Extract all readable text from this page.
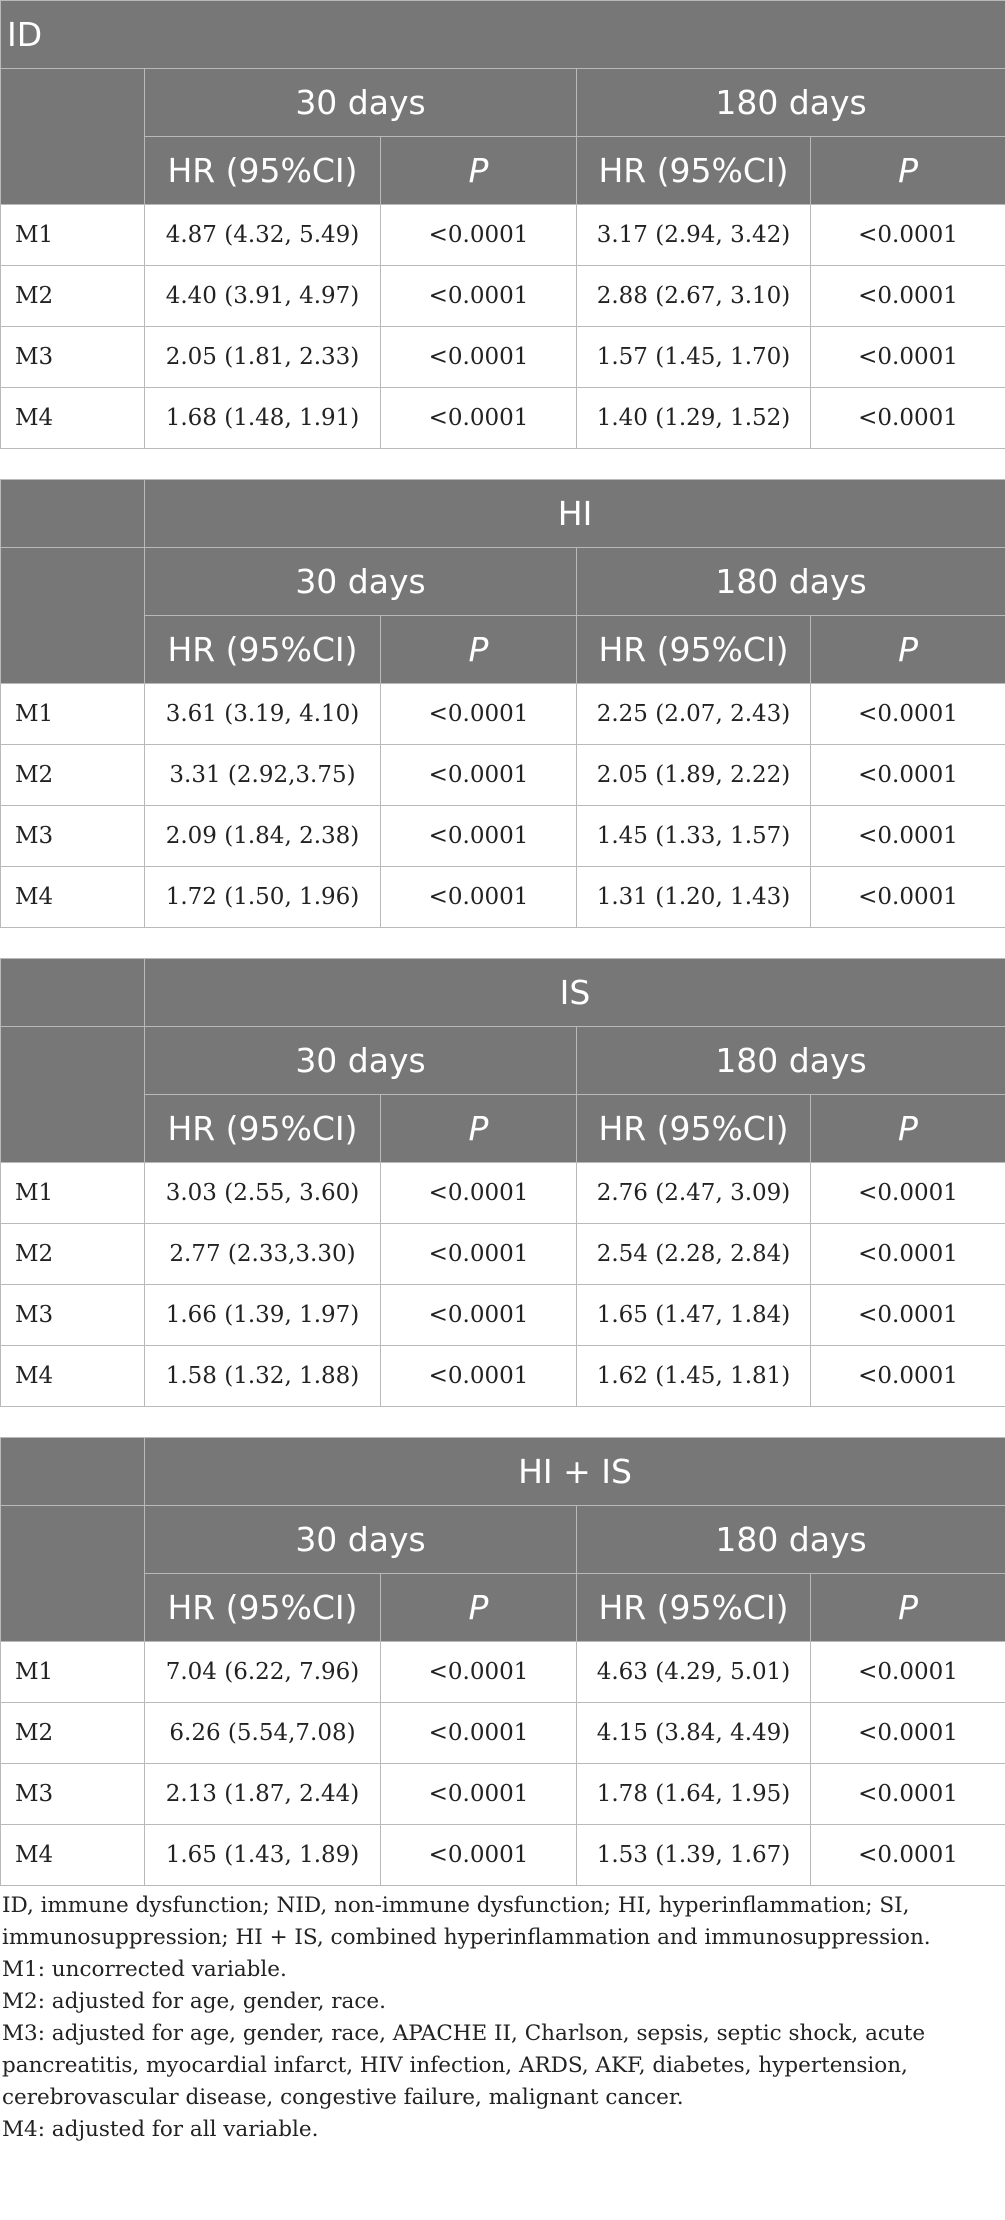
ID				
	30 days		180 days	
	HR (95%CI)	P	HR (95%CI)	P
M1	4.87 (4.32, 5.49)	<0.0001	3.17 (2.94, 3.42)	<0.0001
M2	4.40 (3.91, 4.97)	<0.0001	2.88 (2.67, 3.10)	<0.0001
M3	2.05 (1.81, 2.33)	<0.0001	1.57 (1.45, 1.70)	<0.0001
M4	1.68 (1.48, 1.91)	<0.0001	1.40 (1.29, 1.52)	<0.0001
	HI			
	30 days		180 days	
	HR (95%CI)	P	HR (95%CI)	P
M1	3.61 (3.19, 4.10)	<0.0001	2.25 (2.07, 2.43)	<0.0001
M2	3.31 (2.92,3.75)	<0.0001	2.05 (1.89, 2.22)	<0.0001
M3	2.09 (1.84, 2.38)	<0.0001	1.45 (1.33, 1.57)	<0.0001
M4	1.72 (1.50, 1.96)	<0.0001	1.31 (1.20, 1.43)	<0.0001
	IS			
	30 days		180 days	
	HR (95%CI)	P	HR (95%CI)	P
M1	3.03 (2.55, 3.60)	<0.0001	2.76 (2.47, 3.09)	<0.0001
M2	2.77 (2.33,3.30)	<0.0001	2.54 (2.28, 2.84)	<0.0001
M3	1.66 (1.39, 1.97)	<0.0001	1.65 (1.47, 1.84)	<0.0001
M4	1.58 (1.32, 1.88)	<0.0001	1.62 (1.45, 1.81)	<0.0001
	HI + IS			
	30 days		180 days	
	HR (95%CI)	P	HR (95%CI)	P
M1	7.04 (6.22, 7.96)	<0.0001	4.63 (4.29, 5.01)	<0.0001
M2	6.26 (5.54,7.08)	<0.0001	4.15 (3.84, 4.49)	<0.0001
M3	2.13 (1.87, 2.44)	<0.0001	1.78 (1.64, 1.95)	<0.0001
M4	1.65 (1.43, 1.89)	<0.0001	1.53 (1.39, 1.67)	<0.0001

ID, immune dysfunction; NID, non-immune dysfunction; HI, hyperinflammation; SI, immunosuppression; HI + IS, combined hyperinflammation and immunosuppression.

M1: uncorrected variable.

M2: adjusted for age, gender, race.

M3: adjusted for age, gender, race, APACHE II, Charlson, sepsis, septic shock, acute pancreatitis, myocardial infarct, HIV infection, ARDS, AKF, diabetes, hypertension, cerebrovascular disease, congestive failure, malignant cancer.

M4: adjusted for all variable.
